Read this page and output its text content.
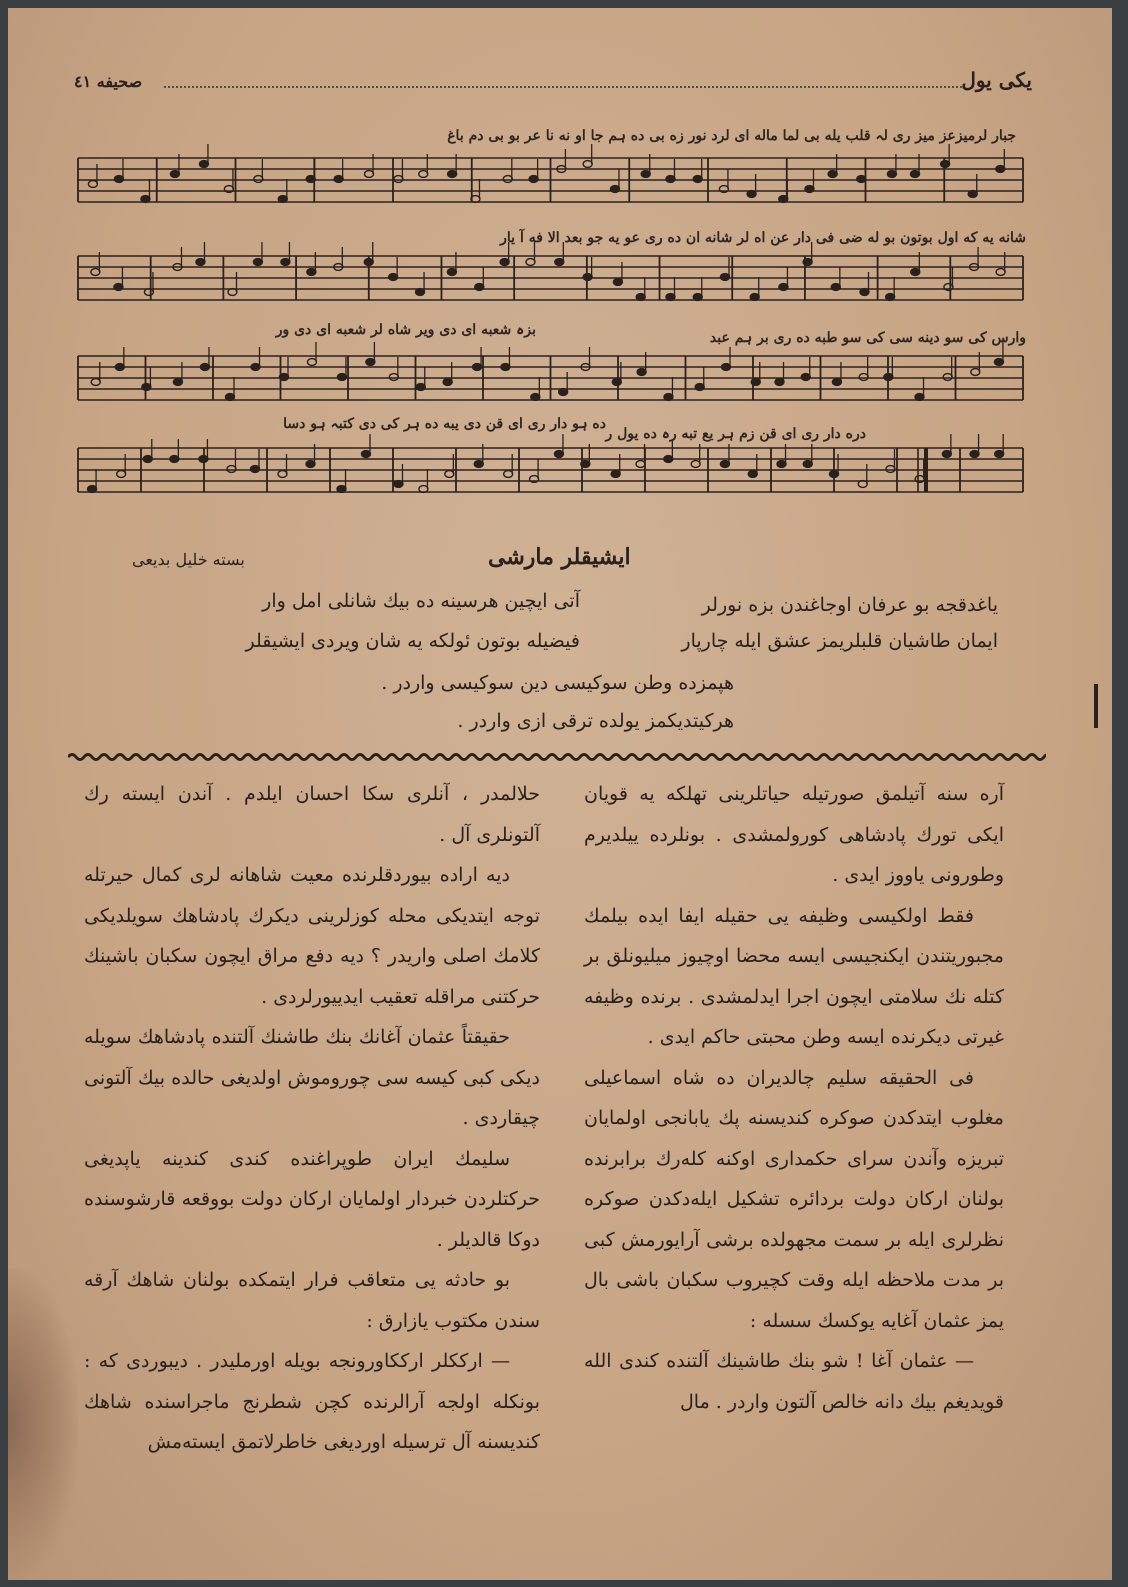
یکی یول
صحیفه ٤١
جبار لرمیزعز میز ری لہ قلب یله بی لما ماله ای لرد نور زه بی ده ہم جا او نه نا عر بو بی دم باغ
شانه یه که اول بوتون بو له ضی فی دار عن اه لر شانه ان ده ری عو یه جو بعد الا فه آ یار
وارس کی سو دینه سی کی سو طبه ده ری بر ہم عبد
بزہ شعبه ای دی ویر شاه لر شعبه ای دی ور
دره دار ری ای قن زم ہر یع تبه رہ ده یول ر
ده ہو دار ری ای قن دی یبه ده ہر کی دی کتبہ ہو دسا
ایشیقلر مارشی
بسته خلیل بدیعی
یاغدقجه بو عرفان اوجاغندن بزه نورلر
آتی ایچین هرسینه ده بیك شانلی امل وار
ایمان طاشیان قلبلریمز عشق ایله چارپار
فیضیله بوتون ئولکه یه شان ویردی ایشیقلر
هپمزده وطن سوکیسی دین سوکیسی واردر .
هرکیتدیکمز یولده ترقی ازی واردر .

آره سنه آتیلمق صورتیله حیاتلرینی تهلکه یه قویان ایکی تورك پادشاهی کورولمشدی . بونلرده ییلدیرم وطورونی یاووز ایدی .

فقط اولکیسی وظیفه یی حقیله ایفا ایده بیلمك مجبوریتندن ایکنجیسی ایسه محضا اوچیوز میلیونلق بر کتله نك سلامتی ایچون اجرا ایدلمشدی . برنده وظیفه غیرتی دیکرنده ایسه وطن محبتی حاکم ایدی .

فی الحقیقه سلیم چالدیران ده شاه اسماعیلی مغلوب ایتدکدن صوکره کندیسنه پك یابانجی اولمایان تبریزه وآندن سرای حکمداری اوکنه کلەرك برابرنده بولنان ارکان دولت بردائره تشکیل ایلەدکدن صوکره نظرلری ایله بر سمت مجهولده برشی آرایورمش کبی بر مدت ملاحظه ایله وقت کچیروب سکبان باشی بال یمز عثمان آغایه یوکسك سسله :

— عثمان آغا ! شو بنك طاشینك آلتنده کندی الله قویدیغم بیك دانه خالص آلتون واردر . مال

حلالمدر ، آنلری سکا احسان ایلدم . آندن ایسته رك آلتونلری آل .

دیه اراده بیوردقلرنده معیت شاهانه لری کمال حیرتله توجه ایتدیکی محله کوزلرینی دیکرك پادشاهك سویلدیکی کلامك اصلی واریدر ؟ دیه دفع مراق ایچون سکبان باشینك حرکتنی مراقله تعقیب ایدییورلردی .

حقیقتاً عثمان آغانك بنك طاشنك آلتنده پادشاهك سویله دیکی کبی کیسه سی چوروموش اولدیغی حالده بیك آلتونی چیقاردی .

سلیمك ایران طوپراغنده کندی کندینه یاپدیغی حرکتلردن خبردار اولمایان ارکان دولت بووقعه قارشوسنده دوکا قالدیلر .

بو حادثه یی متعاقب فرار ایتمکده بولنان شاهك آرقه سندن مکتوب یازارق :

— ارککلر ارککاورونجه بویله اورملیدر . دیبوردی که : بونکله اولجه آرالرنده کچن شطرنج ماجراسنده شاهك کندیسنه آل ترسیله اوردیغی خاطرلاتمق ایستەمش
